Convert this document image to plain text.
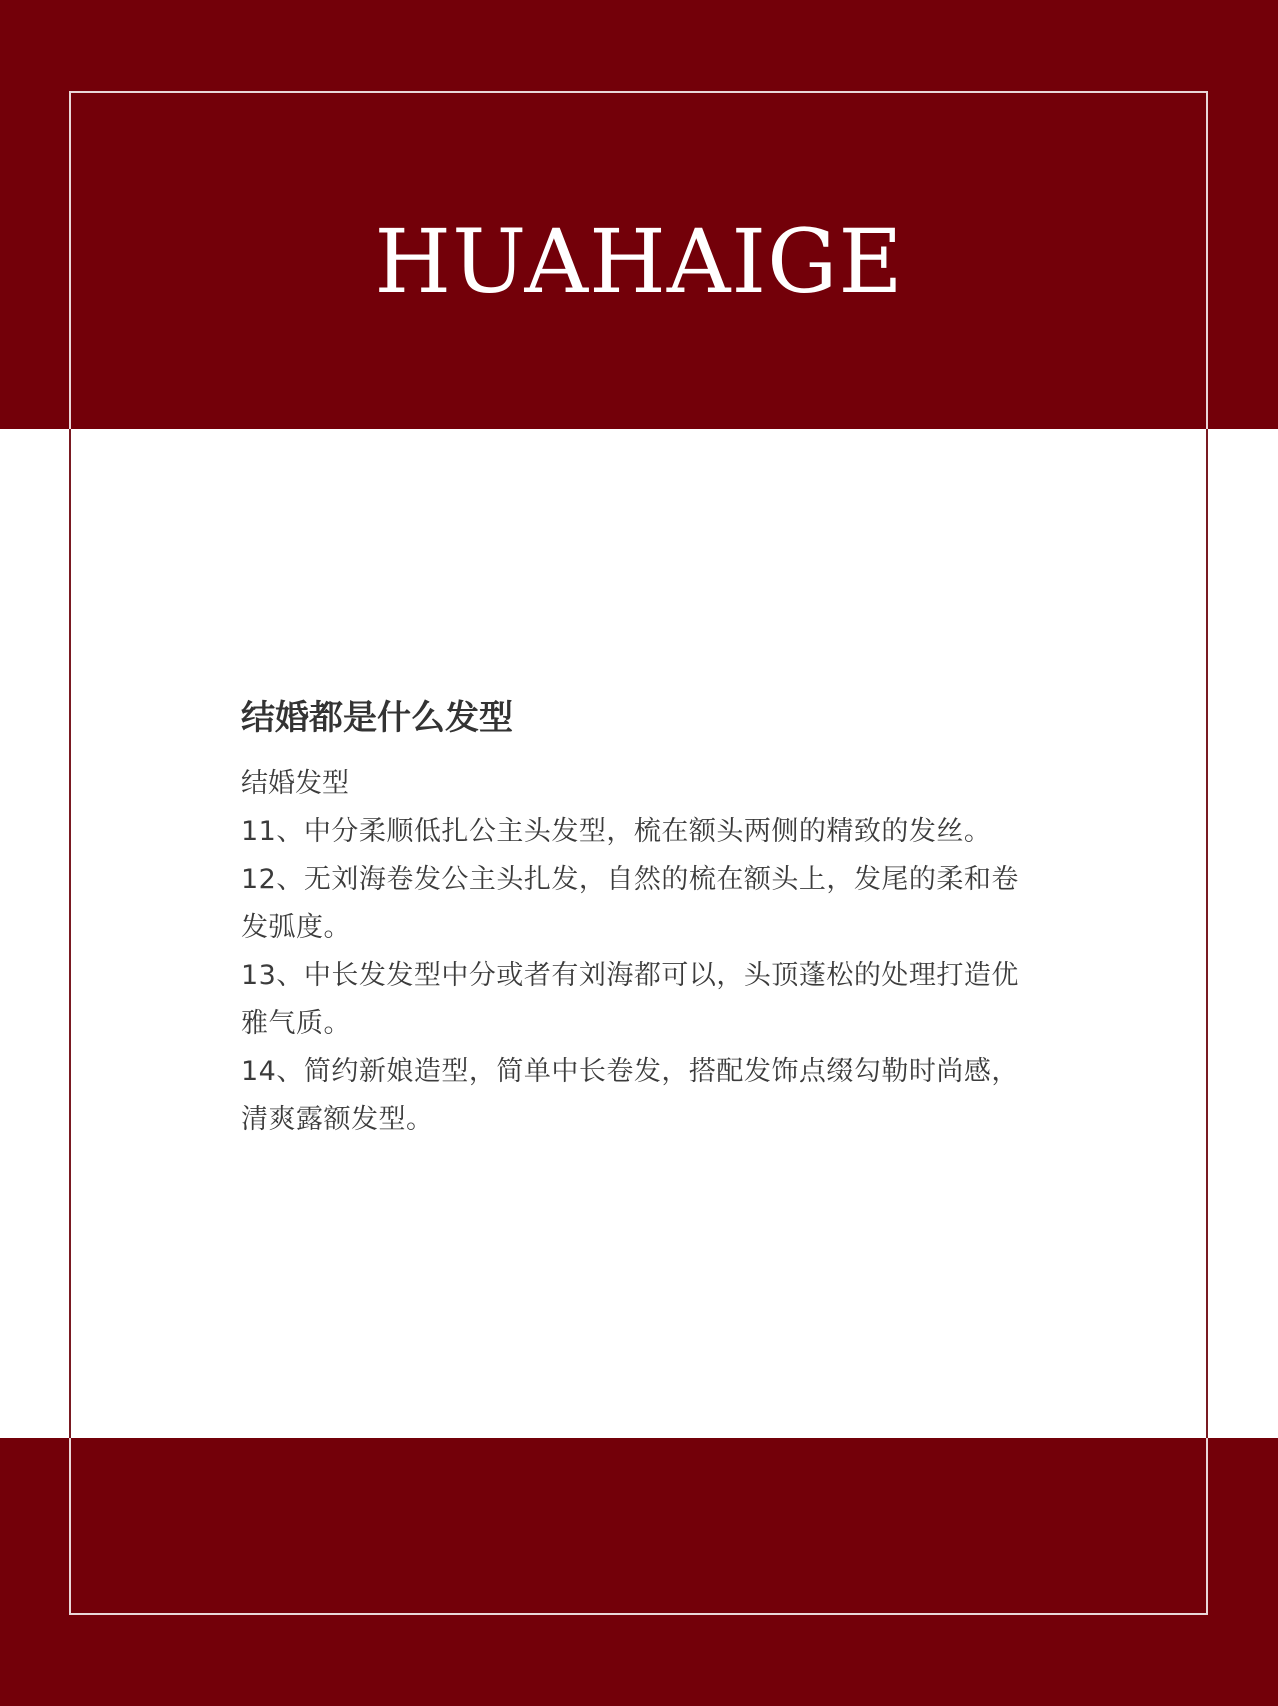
HUAHAIGE
结婚都是什么发型

结婚发型

11、中分柔顺低扎公主头发型，梳在额头两侧的精致的发丝。

12、无刘海卷发公主头扎发，自然的梳在额头上，发尾的柔和卷发弧度。

13、中长发发型中分或者有刘海都可以，头顶蓬松的处理打造优雅气质。

14、简约新娘造型，简单中长卷发，搭配发饰点缀勾勒时尚感，清爽露额发型。
